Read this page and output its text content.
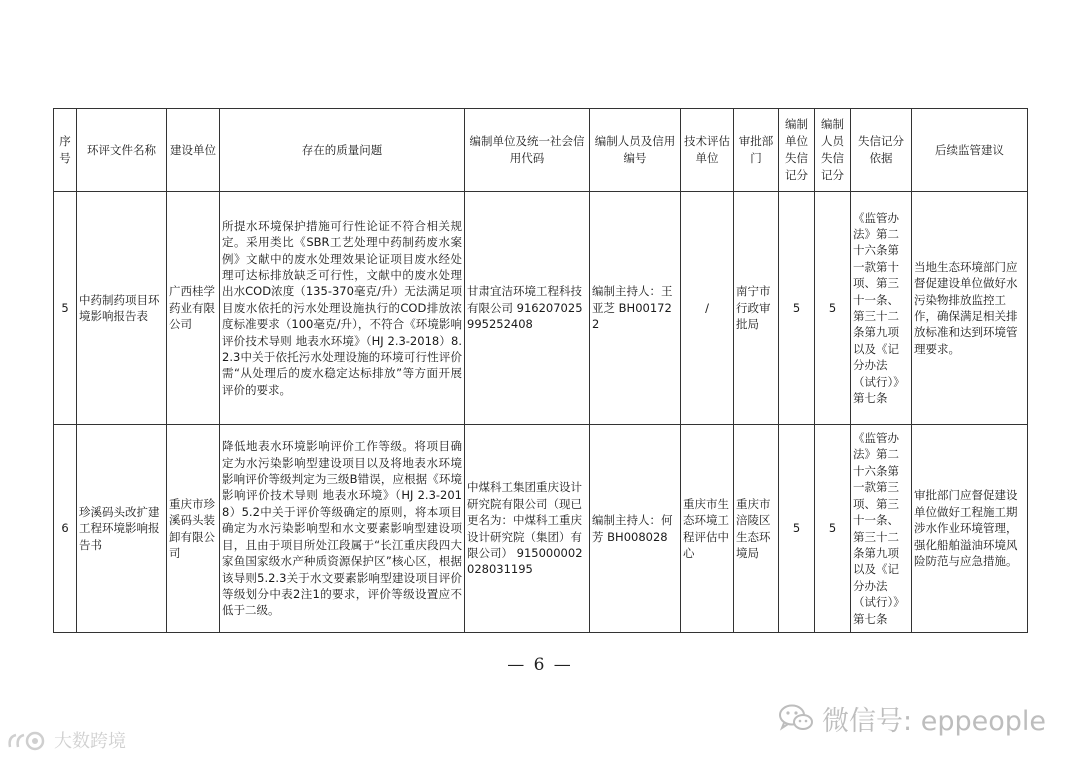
序号	环评文件名称	建设单位	存在的质量问题	编制单位及统一社会信用代码	编制人员及信用编号	技术评估单位	审批部门	编制单位失信记分	编制人员失信记分	失信记分依据	后续监管建议
5	中药制药项目环境影响报告表	广西桂学药业有限公司	所提水环境保护措施可行性论证不符合相关规定。采用类比《SBR工艺处理中药制药废水案例》文献中的废水处理效果论证项目废水经处理可达标排放缺乏可行性，文献中的废水处理出水COD浓度（135-370毫克/升）无法满足项目废水依托的污水处理设施执行的COD排放浓度标准要求（100毫克/升），不符合《环境影响评价技术导则 地表水环境》（HJ 2.3-2018）8.2.3中关于依托污水处理设施的环境可行性评价需“从处理后的废水稳定达标排放”等方面开展评价的要求。	甘肃宜洁环境工程科技有限公司 916207025995252408	编制主持人：王亚芝 BH001722	/	南宁市行政审批局	5	5	《监管办法》第二十六条第一款第十项、第三十一条、第三十二条第九项以及《记分办法（试行）》第七条	当地生态环境部门应督促建设单位做好水污染物排放监控工作，确保满足相关排放标准和达到环境管理要求。
6	珍溪码头改扩建工程环境影响报告书	重庆市珍溪码头装卸有限公司	降低地表水环境影响评价工作等级。将项目确定为水污染影响型建设项目以及将地表水环境影响评价等级判定为三级B错误，应根据《环境影响评价技术导则 地表水环境》（HJ 2.3-2018）5.2中关于评价等级确定的原则，将本项目确定为水污染影响型和水文要素影响型建设项目，且由于项目所处江段属于“长江重庆段四大家鱼国家级水产种质资源保护区”核心区，根据该导则5.2.3关于水文要素影响型建设项目评价等级划分中表2注1的要求，评价等级设置应不低于二级。	中煤科工集团重庆设计研究院有限公司（现已更名为：中煤科工重庆设计研究院（集团）有限公司） 915000002028031195	编制主持人：何芳 BH008028	重庆市生态环境工程评估中心	重庆市涪陵区生态环境局	5	5	《监管办法》第二十六条第一款第三项、第三十一条、第三十二条第九项以及《记分办法（试行）》第七条	审批部门应督促建设单位做好工程施工期涉水作业环境管理，强化船舶溢油环境风险防范与应急措施。
— 6 —
微信号: eppeople
大数跨境
